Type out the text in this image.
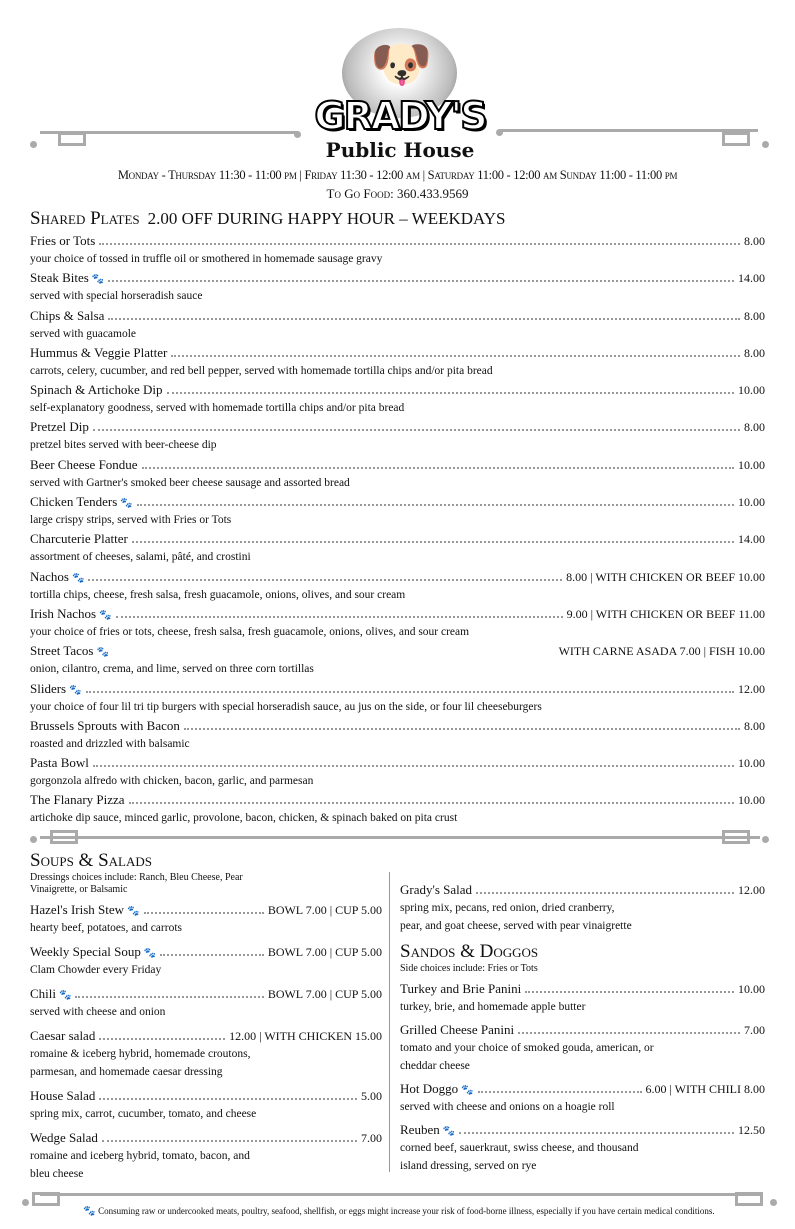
🐶
GRADY'S
Public House
Monday - Thursday 11:30 - 11:00 pm | Friday 11:30 - 12:00 am | Saturday 11:00 - 12:00 am Sunday 11:00 - 11:00 pm
To Go Food: 360.433.9569
Shared Plates 2.00 OFF DURING HAPPY HOUR – WEEKDAYS
Fries or Tots	8.00
your choice of tossed in truffle oil or smothered in homemade sausage gravy
Steak Bites 🐾	14.00
served with special horseradish sauce
Chips & Salsa	8.00
served with guacamole
Hummus & Veggie Platter	8.00
carrots, celery, cucumber, and red bell pepper, served with homemade tortilla chips and/or pita bread
Spinach & Artichoke Dip	10.00
self-explanatory goodness, served with homemade tortilla chips and/or pita bread
Pretzel Dip	8.00
pretzel bites served with beer-cheese dip
Beer Cheese Fondue	10.00
served with Gartner's smoked beer cheese sausage and assorted bread
Chicken Tenders 🐾	10.00
large crispy strips, served with Fries or Tots
Charcuterie Platter	14.00
assortment of cheeses, salami, pâté, and crostini
Nachos 🐾	8.00 | WITH CHICKEN OR BEEF 10.00
tortilla chips, cheese, fresh salsa, fresh guacamole, onions, olives, and sour cream
Irish Nachos 🐾	9.00 | WITH CHICKEN OR BEEF 11.00
your choice of fries or tots, cheese, fresh salsa, fresh guacamole, onions, olives, and sour cream
Street Tacos 🐾	WITH CARNE ASADA 7.00 | FISH 10.00
onion, cilantro, crema, and lime, served on three corn tortillas
Sliders 🐾	12.00
your choice of four lil tri tip burgers with special horseradish sauce, au jus on the side, or four lil cheeseburgers
Brussels Sprouts with Bacon	8.00
roasted and drizzled with balsamic
Pasta Bowl	10.00
gorgonzola alfredo with chicken, bacon, garlic, and parmesan
The Flanary Pizza	10.00
artichoke dip sauce, minced garlic, provolone, bacon, chicken, & spinach baked on pita crust
Soups & Salads
Dressings choices include: Ranch, Bleu Cheese, Pear Vinaigrette, or Balsamic
Hazel's Irish Stew 🐾	BOWL 7.00 | CUP 5.00
hearty beef, potatoes, and carrots
Weekly Special Soup 🐾	BOWL 7.00 | CUP 5.00
Clam Chowder every Friday
Chili 🐾	BOWL 7.00 | CUP 5.00
served with cheese and onion
Caesar salad	12.00 | WITH CHICKEN 15.00
romaine & iceberg hybrid, homemade croutons,
parmesan, and homemade caesar dressing
House Salad	5.00
spring mix, carrot, cucumber, tomato, and cheese
Wedge Salad	7.00
romaine and iceberg hybrid, tomato, bacon, and
bleu cheese
Grady's Salad	12.00
spring mix, pecans, red onion, dried cranberry,
pear, and goat cheese, served with pear vinaigrette
Sandos & Doggos
Side choices include: Fries or Tots
Turkey and Brie Panini	10.00
turkey, brie, and homemade apple butter
Grilled Cheese Panini	7.00
tomato and your choice of smoked gouda, american, or
cheddar cheese
Hot Doggo 🐾	6.00 | WITH CHILI 8.00
served with cheese and onions on a hoagie roll
Reuben 🐾	12.50
corned beef, sauerkraut, swiss cheese, and thousand
island dressing, served on rye
🐾 Consuming raw or undercooked meats, poultry, seafood, shellfish, or eggs might increase your risk of food-borne illness, especially if you have certain medical conditions.
